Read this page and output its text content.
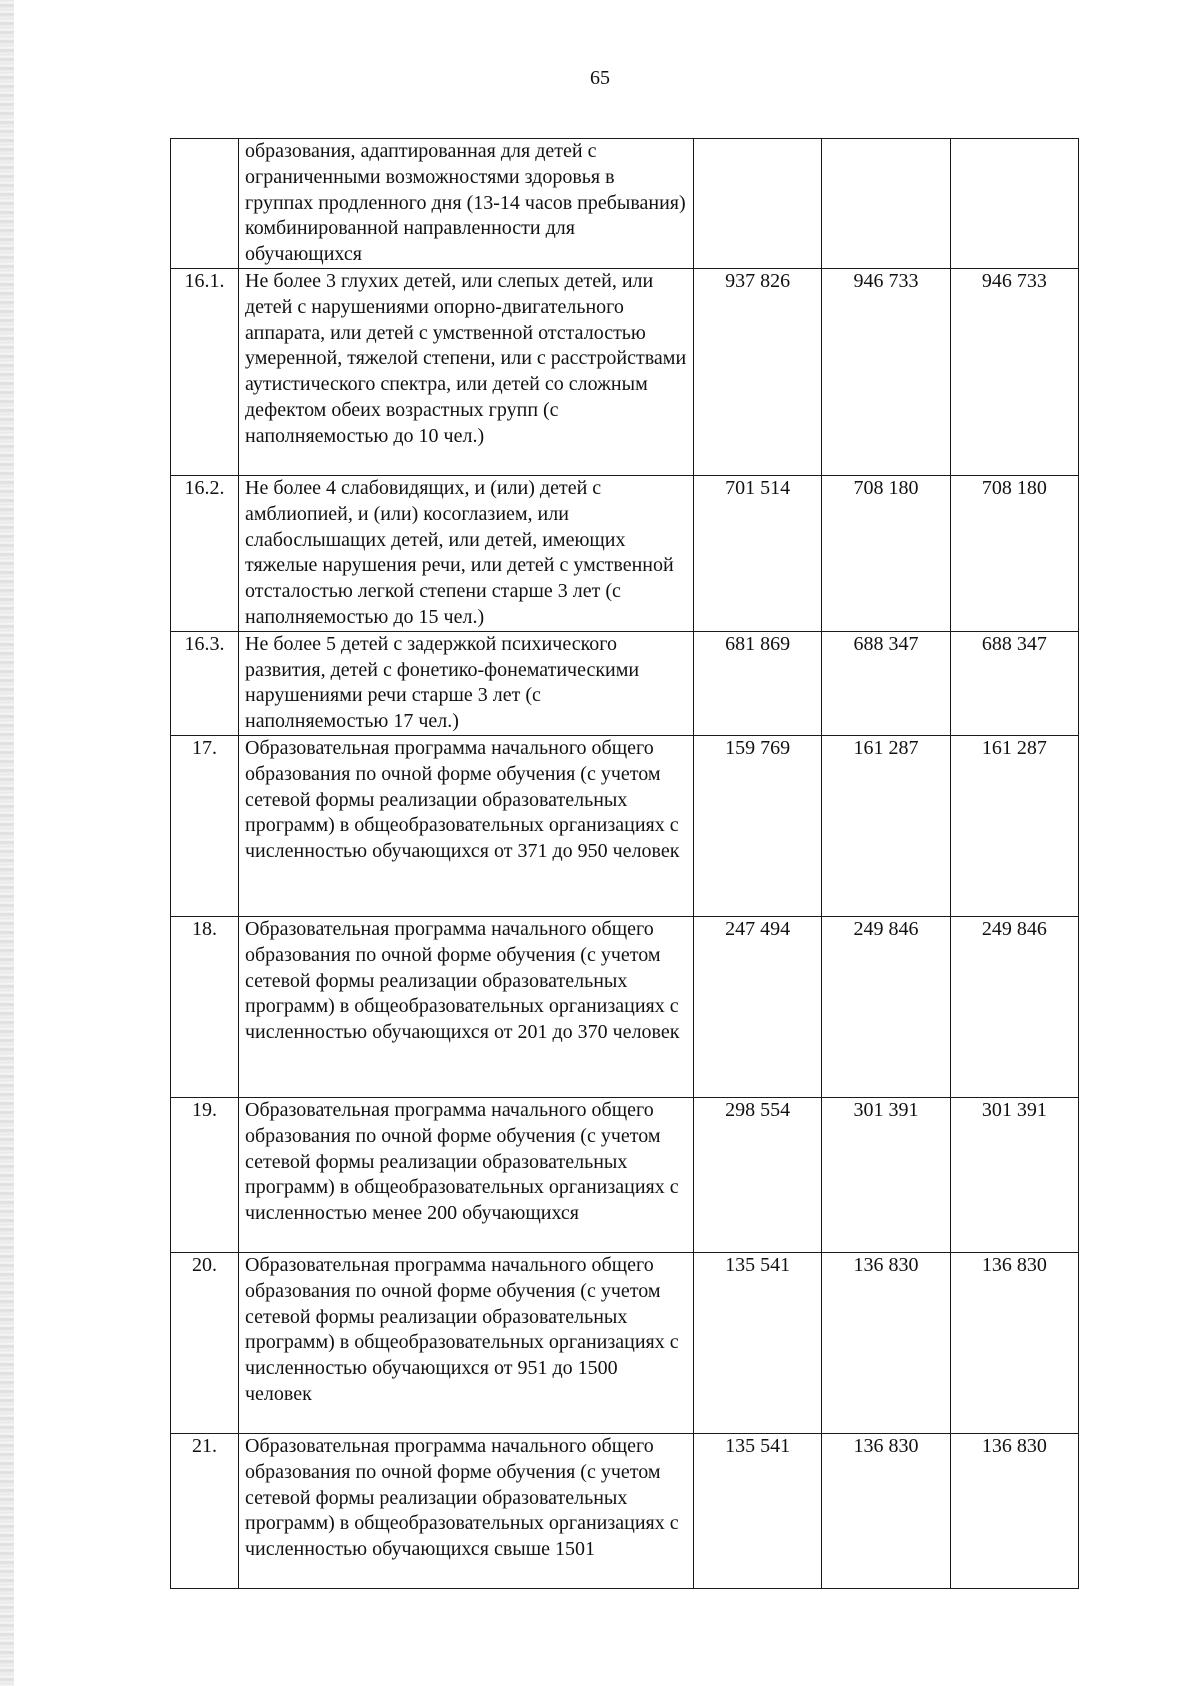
65
	образования, адаптированная для детей с ограниченными возможностями здоровья в группах продленного дня (13-14 часов пребывания) комбинированной направленности для обучающихся			
16.1.	Не более 3 глухих детей, или слепых детей, или детей с нарушениями опорно-двигательного аппарата, или детей с умственной отсталостью умеренной, тяжелой степени, или с расстройствами аутистического спектра, или детей со сложным дефектом обеих возрастных групп (с наполняемостью до 10 чел.)	937 826	946 733	946 733
16.2.	Не более 4 слабовидящих, и (или) детей с амблиопией, и (или) косоглазием, или слабослышащих детей, или детей, имеющих тяжелые нарушения речи, или детей с умственной отсталостью легкой степени старше 3 лет (с наполняемостью до 15 чел.)	701 514	708 180	708 180
16.3.	Не более 5 детей с задержкой психического развития, детей с фонетико-фонематическими нарушениями речи старше 3 лет (с наполняемостью 17 чел.)	681 869	688 347	688 347
17.	Образовательная программа начального общего образования по очной форме обучения (с учетом сетевой формы реализации образовательных программ) в общеобразовательных организациях с численностью обучающихся от 371 до 950 человек	159 769	161 287	161 287
18.	Образовательная программа начального общего образования по очной форме обучения (с учетом сетевой формы реализации образовательных программ) в общеобразовательных организациях с численностью обучающихся от 201 до 370 человек	247 494	249 846	249 846
19.	Образовательная программа начального общего образования по очной форме обучения (с учетом сетевой формы реализации образовательных программ) в общеобразовательных организациях с численностью менее 200 обучающихся	298 554	301 391	301 391
20.	Образовательная программа начального общего образования по очной форме обучения (с учетом сетевой формы реализации образовательных программ) в общеобразовательных организациях с численностью обучающихся от 951 до 1500 человек	135 541	136 830	136 830
21.	Образовательная программа начального общего образования по очной форме обучения (с учетом сетевой формы реализации образовательных программ) в общеобразовательных организациях с численностью обучающихся свыше 1501	135 541	136 830	136 830
